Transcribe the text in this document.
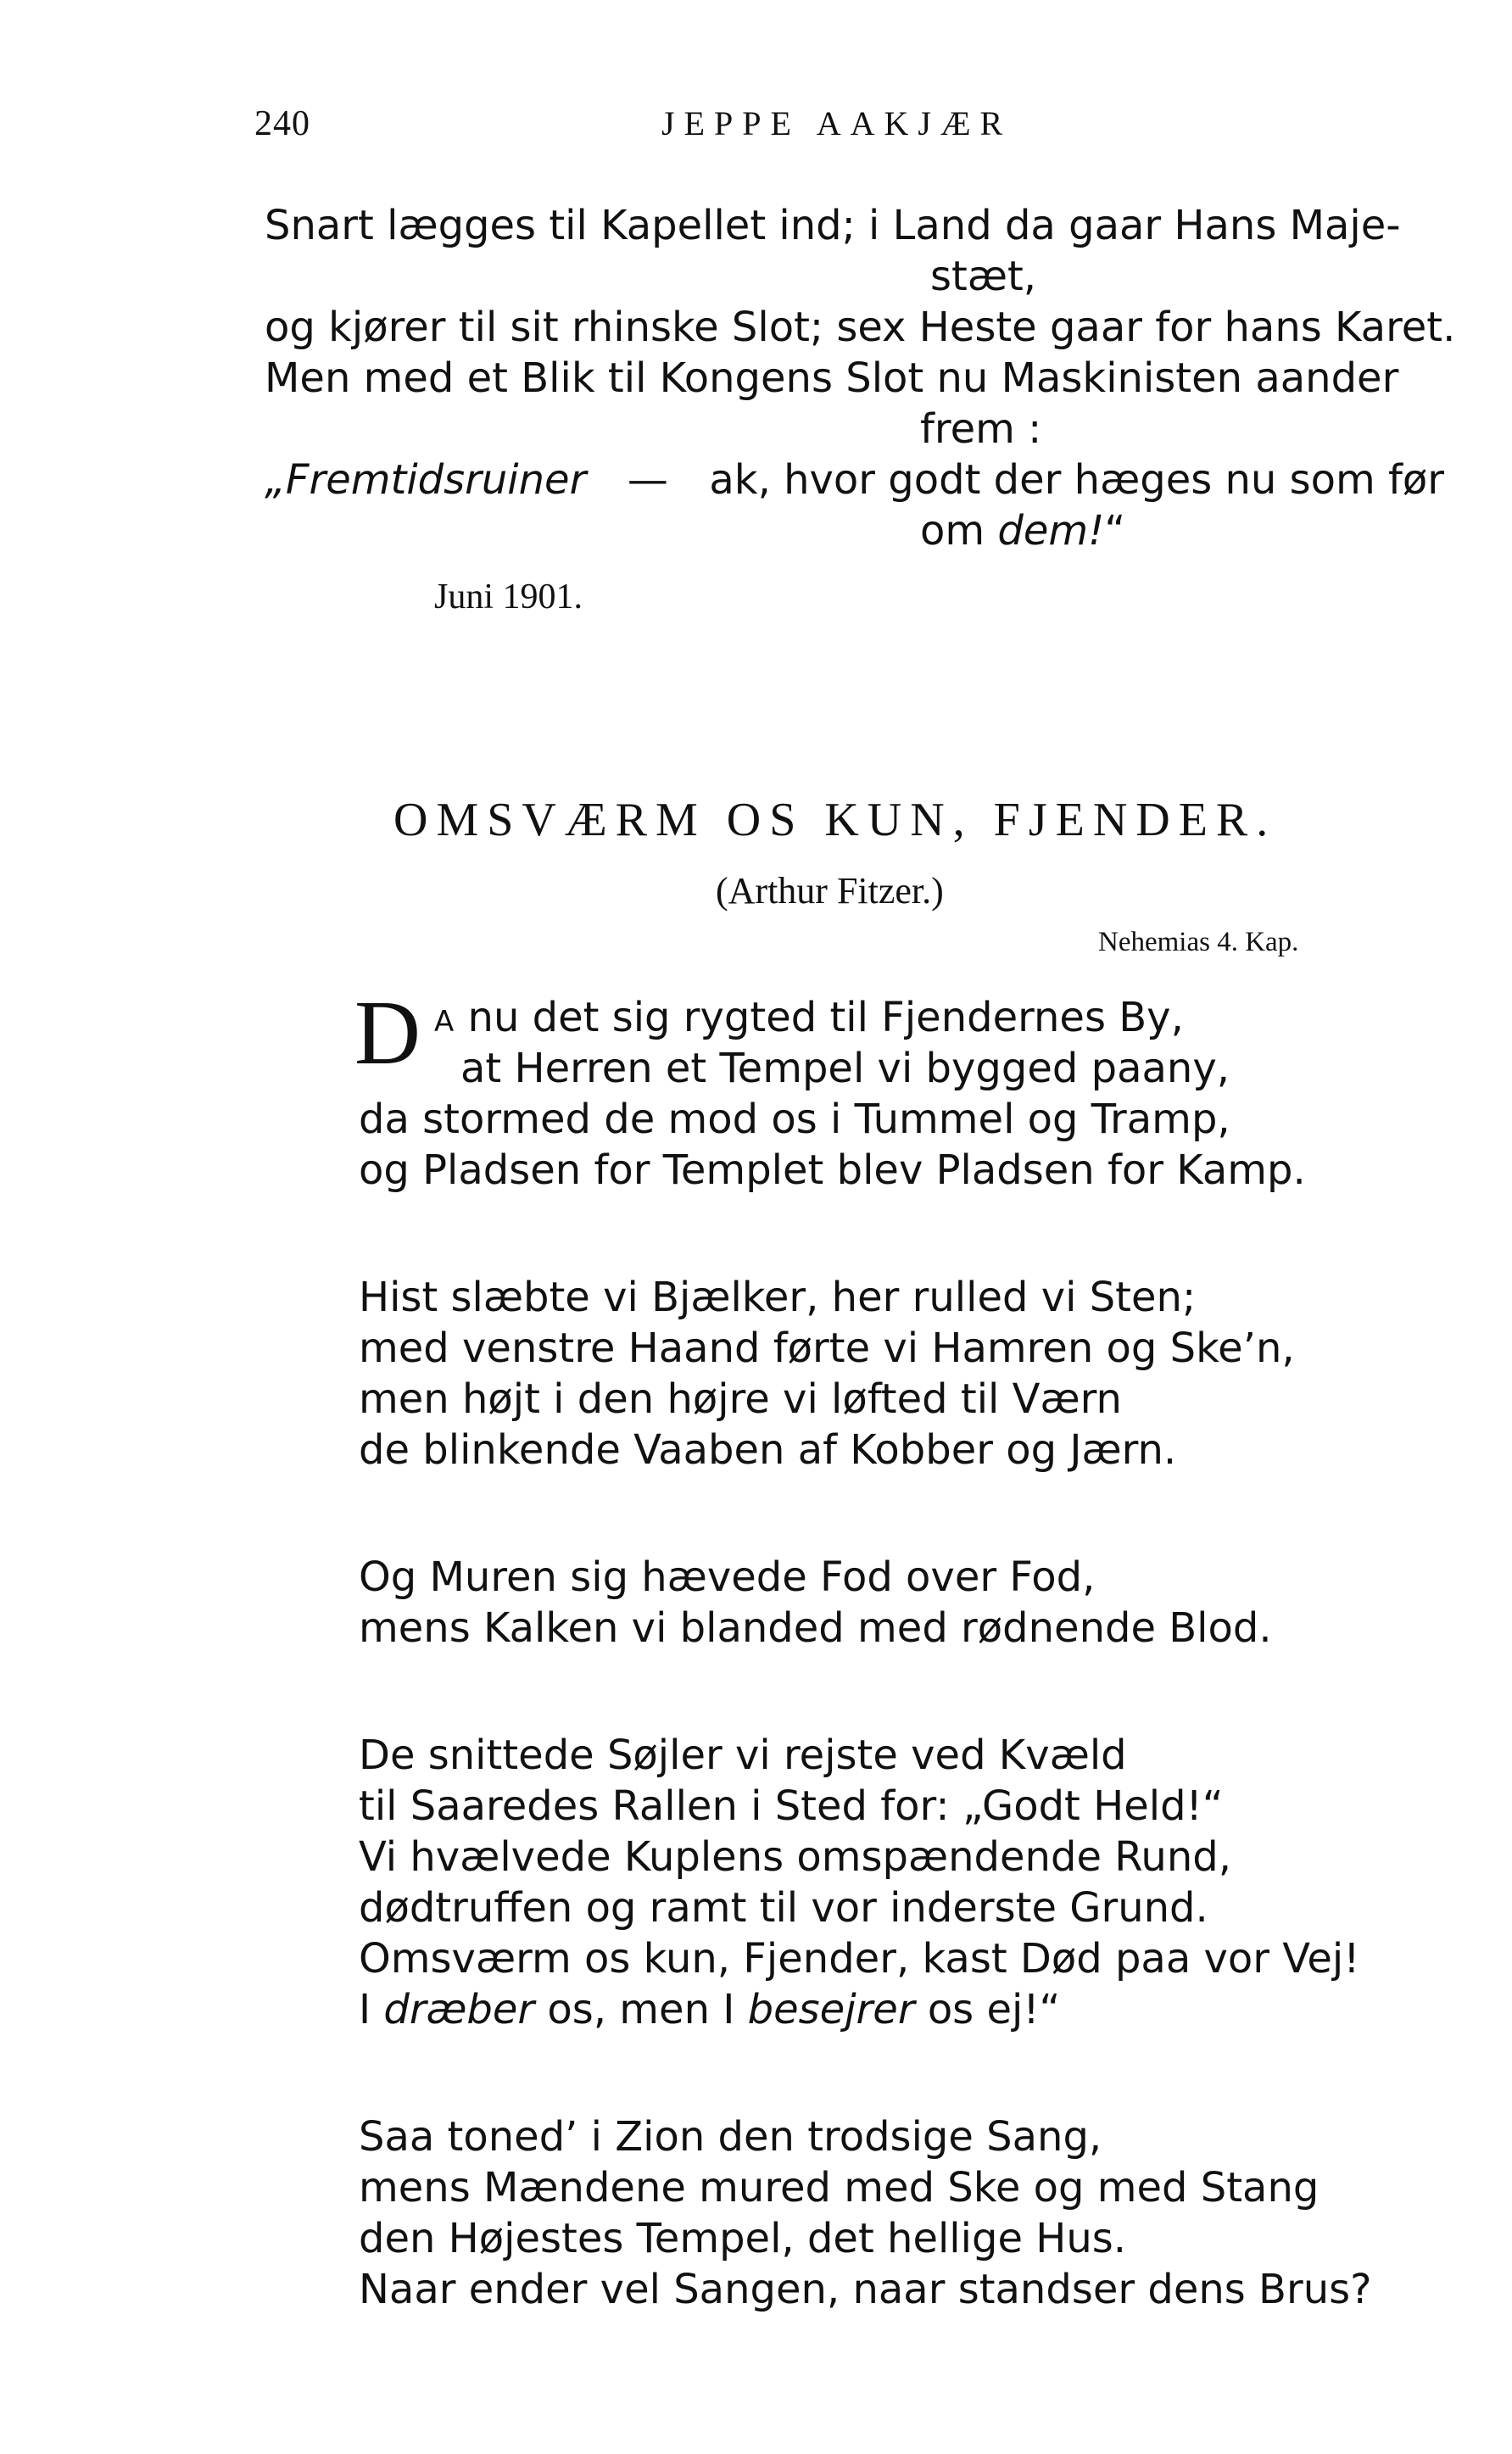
240	JEPPE AAKJÆR
Snart lægges til Kapellet ind; i Land da gaar Hans Maje-
stæt,
og kjører til sit rhinske Slot; sex Heste gaar for hans Karet.
Men med et Blik til Kongens Slot nu Maskinisten aander
frem :
„Fremtidsruiner — ak, hvor godt der hæges nu som før
om dem!“
Juni 1901.
OMSVÆRM OS KUN, FJENDER.
(Arthur Fitzer.)
Nehemias 4. Kap.
D A nu det sig rygted til Fjendernes By,
at Herren et Tempel vi bygged paany,
da stormed de mod os i Tummel og Tramp,
og Pladsen for Templet blev Pladsen for Kamp.
Hist slæbte vi Bjælker, her rulled vi Sten;
med venstre Haand førte vi Hamren og Ske’n,
men højt i den højre vi løfted til Værn
de blinkende Vaaben af Kobber og Jærn.
Og Muren sig hævede Fod over Fod,
mens Kalken vi blanded med rødnende Blod.
De snittede Søjler vi rejste ved Kvæld
til Saaredes Rallen i Sted for: „Godt Held!“
Vi hvælvede Kuplens omspændende Rund,
dødtruffen og ramt til vor inderste Grund.
Omsværm os kun, Fjender, kast Død paa vor Vej!
I dræber os, men I besejrer os ej!“
Saa toned’ i Zion den trodsige Sang,
mens Mændene mured med Ske og med Stang
den Højestes Tempel, det hellige Hus.
Naar ender vel Sangen, naar standser dens Brus?
